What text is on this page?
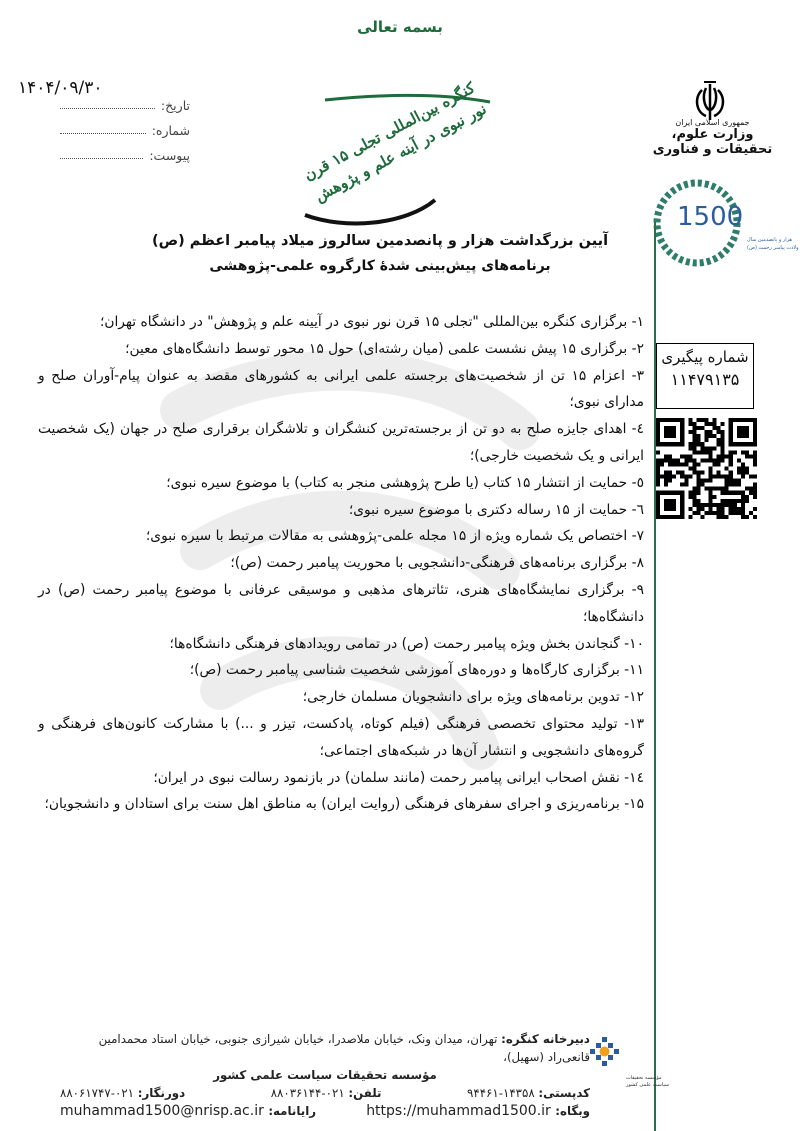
بسمه تعالی
۱۴۰۴/۰۹/۳۰
تاریخ:
شماره:
پیوست:	کنگره بین‌المللی تجلی ۱۵ قرن نور نبوی در آینه علم و پژوهش	جمهوری اسلامی ایران
وزارت علوم، تحقیقات و فناوری
1500
هزار و پانصدمین سال
ولادت پیامبر رحمت (ص)
آیین بزرگداشت هزار و پانصدمین سالروز میلاد پیامبر اعظم (ص)
برنامه‌های پیش‌بینی شدهٔ کارگروه علمی-پژوهشی

۱- برگزاری کنگره بین‌المللی "تجلی ۱۵ قرن نور نبوی در آیینه علم و پژوهش" در دانشگاه تهران؛

۲- برگزاری ۱۵ پیش نشست علمی (میان رشته‌ای) حول ۱۵ محور توسط دانشگاه‌های معین؛

۳- اعزام ۱۵ تن از شخصیت‌های برجسته علمی ایرانی به کشورهای مقصد به عنوان پیام-آوران صلح و مدارای نبوی؛

٤- اهدای جایزه صلح به دو تن از برجسته‌ترین کنشگران و تلاشگران برقراری صلح در جهان (یک شخصیت ایرانی و یک شخصیت خارجی)؛

٥- حمایت از انتشار ۱۵ کتاب (یا طرح پژوهشی منجر به کتاب) با موضوع سیره نبوی؛

٦- حمایت از ۱۵ رساله دکتری با موضوع سیره نبوی؛

۷- اختصاص یک شماره ویژه از ۱۵ مجله علمی-پژوهشی به مقالات مرتبط با سیره نبوی؛

۸- برگزاری برنامه‌های فرهنگی-دانشجویی با محوریت پیامبر رحمت (ص)؛

۹- برگزاری نمایشگاه‌های هنری، تئاترهای مذهبی و موسیقی عرفانی با موضوع پیامبر رحمت (ص) در دانشگاه‌ها؛

۱۰- گنجاندن بخش ویژه پیامبر رحمت (ص) در تمامی رویدادهای فرهنگی دانشگاه‌ها؛

۱۱- برگزاری کارگاه‌ها و دوره‌های آموزشی شخصیت شناسی پیامبر رحمت (ص)؛

۱۲- تدوین برنامه‌های ویژه برای دانشجویان مسلمان خارجی؛

۱۳- تولید محتوای تخصصی فرهنگی (فیلم کوتاه، پادکست، تیزر و ...) با مشارکت کانون‌های فرهنگی و گروه‌های دانشجویی و انتشار آن‌ها در شبکه‌های اجتماعی؛

١٤- نقش اصحاب ایرانی پیامبر رحمت (مانند سلمان) در بازنمود رسالت نبوی در ایران؛

۱۵- برنامه‌ریزی و اجرای سفرهای فرهنگی (روایت ایران) به مناطق اهل سنت برای استادان و دانشجویان؛

شماره پیگیری
۱۱۴۷۹۱۳۵
دبیرخانه کنگره: تهران، میدان ونک، خیابان ملاصدرا، خیابان شیرازی جنوبی، خیابان استاد محمدامین قانعی‌راد (سهیل)،
مؤسسه تحقیقات سیاست علمی کشور
کدپستی: ۱۴۳۵۸-۹۴۴۶۱
تلفن: ۰۲۱-۸۸۰۳۶۱۴۴
دورنگار: ۰۲۱-۸۸۰۶۱۷۴۷
وبگاه: https://muhammad1500.ir
رایانامه: muhammad1500@nrisp.ac.ir
مؤسسه تحقیقات
سیاست علمی کشور
